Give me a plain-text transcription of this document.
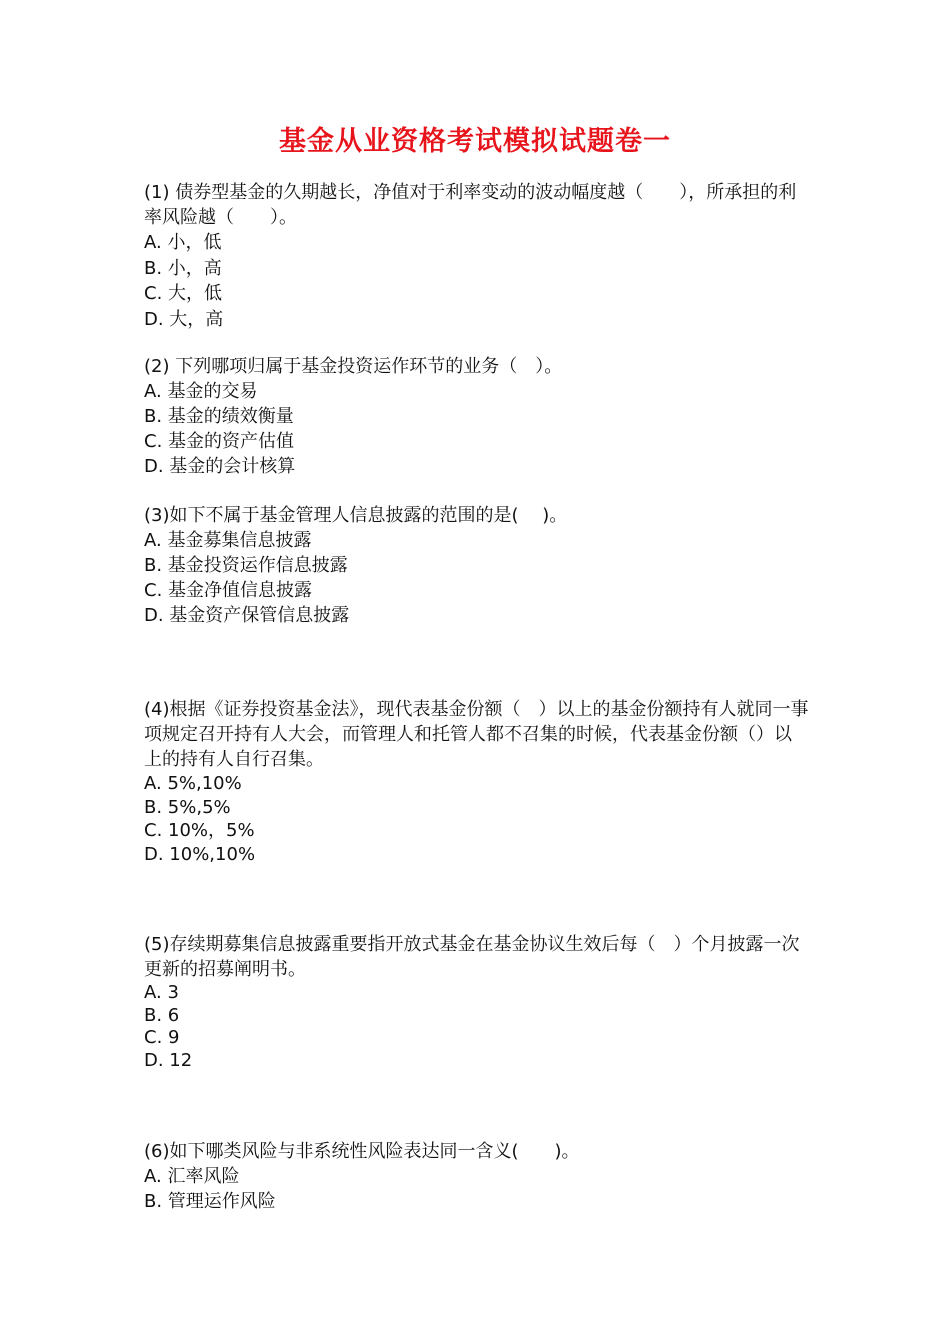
基金从业资格考试模拟试题卷一

(1) 债券型基金的久期越长，净值对于利率变动的波动幅度越（　　），所承担的利率风险越（　　）。

A. 小，低
B. 小，高
C. 大，低
D. 大，高

(2) 下列哪项归属于基金投资运作环节的业务（　）。

A. 基金的交易
B. 基金的绩效衡量
C. 基金的资产估值
D. 基金的会计核算

(3)如下不属于基金管理人信息披露的范围的是(　 )。

A. 基金募集信息披露
B. 基金投资运作信息披露
C. 基金净值信息披露
D. 基金资产保管信息披露

(4)根据《证券投资基金法》，现代表基金份额（　）以上的基金份额持有人就同一事项规定召开持有人大会，而管理人和托管人都不召集的时候，代表基金份额（）以上的持有人自行召集。

A. 5%,10%
B. 5%,5%
C. 10%，5%
D. 10%,10%

(5)存续期募集信息披露重要指开放式基金在基金协议生效后每（　）个月披露一次更新的招募阐明书。

A. 3
B. 6
C. 9
D. 12

(6)如下哪类风险与非系统性风险表达同一含义(　　)。

A. 汇率风险
B. 管理运作风险
